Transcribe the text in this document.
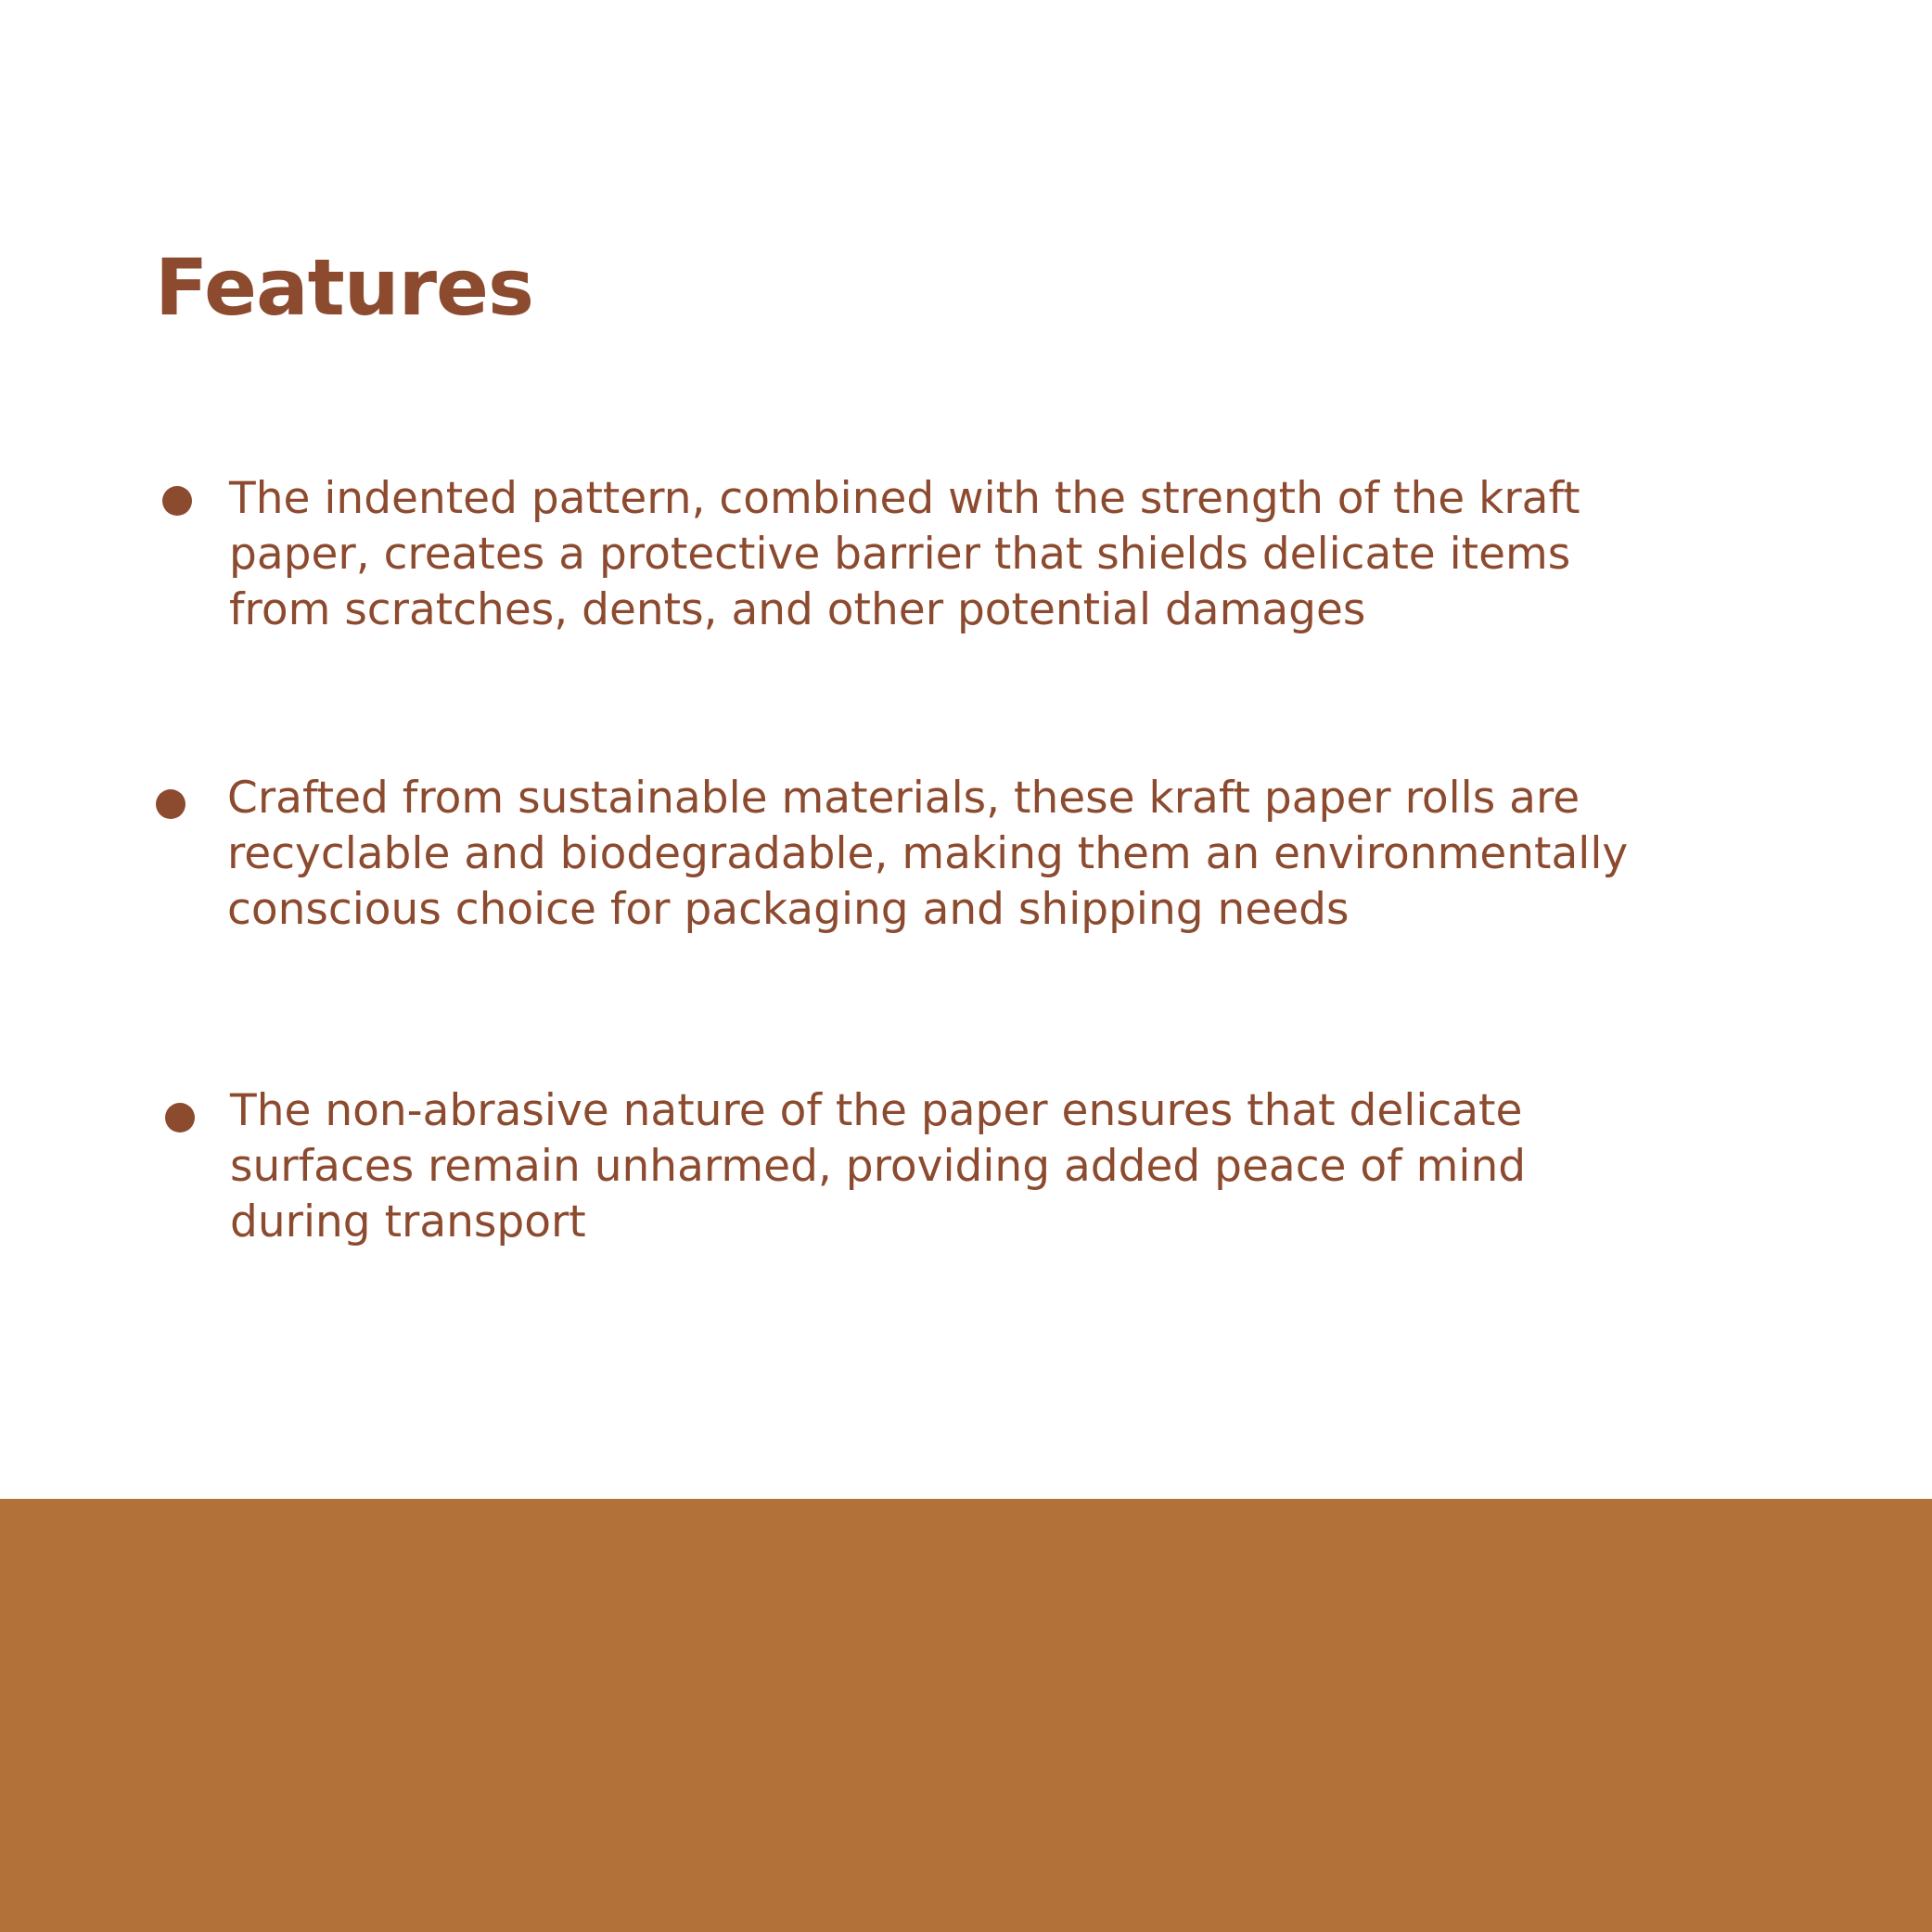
Features

The indented pattern, combined with the strength of the kraft
paper, creates a protective barrier that shields delicate items
from scratches, dents, and other potential damages

Crafted from sustainable materials, these kraft paper rolls are
recyclable and biodegradable, making them an environmentally
conscious choice for packaging and shipping needs

The non-abrasive nature of the paper ensures that delicate
surfaces remain unharmed, providing added peace of mind
during transport
